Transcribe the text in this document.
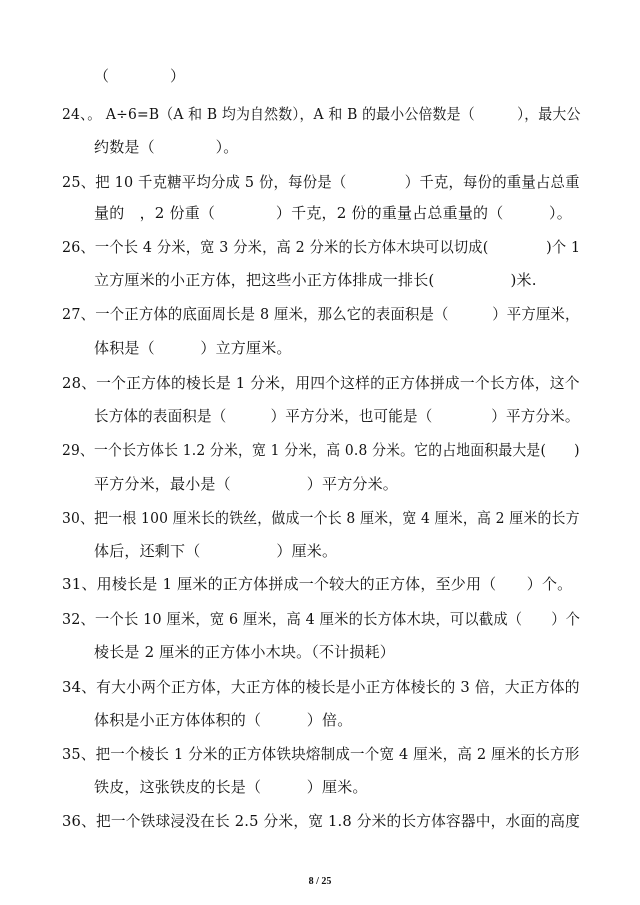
（　　　　）
24、。 A÷6=B（A 和 B 均为自然数），A 和 B 的最小公倍数是（　　　），最大公
约数是（　　　　）。
25、把 10 千克糖平均分成 5 份，每份是（　　　　）千克，每份的重量占总重
量的　，2 份重（　　　　）千克，2 份的重量占总重量的（　　　）。
26、一个长 4 分米，宽 3 分米，高 2 分米的长方体木块可以切成(　　　　)个 1
立方厘米的小正方体，把这些小正方体排成一排长(　　　　　)米.
27、一个正方体的底面周长是 8 厘米，那么它的表面积是（　　　）平方厘米，
体积是（　　　）立方厘米。
28、一个正方体的棱长是 1 分米，用四个这样的正方体拼成一个长方体，这个
长方体的表面积是（　　　）平方分米，也可能是（　　　　）平方分米。
29、一个长方体长 1.2 分米，宽 1 分米，高 0.8 分米。它的占地面积最大是(　　)
平方分米，最小是（　　　　　）平方分米。
30、把一根 100 厘米长的铁丝，做成一个长 8 厘米，宽 4 厘米，高 2 厘米的长方
体后，还剩下（　　　　　）厘米。
31、用棱长是 1 厘米的正方体拼成一个较大的正方体，至少用（　　）个。
32、一个长 10 厘米，宽 6 厘米，高 4 厘米的长方体木块，可以截成（　　）个
棱长是 2 厘米的正方体小木块。（不计损耗）
34、有大小两个正方体，大正方体的棱长是小正方体棱长的 3 倍，大正方体的
体积是小正方体体积的（　　　）倍。
35、把一个棱长 1 分米的正方体铁块熔制成一个宽 4 厘米，高 2 厘米的长方形
铁皮，这张铁皮的长是（　　　）厘米。
36、把一个铁球浸没在长 2.5 分米，宽 1.8 分米的长方体容器中，水面的高度
8 / 25
